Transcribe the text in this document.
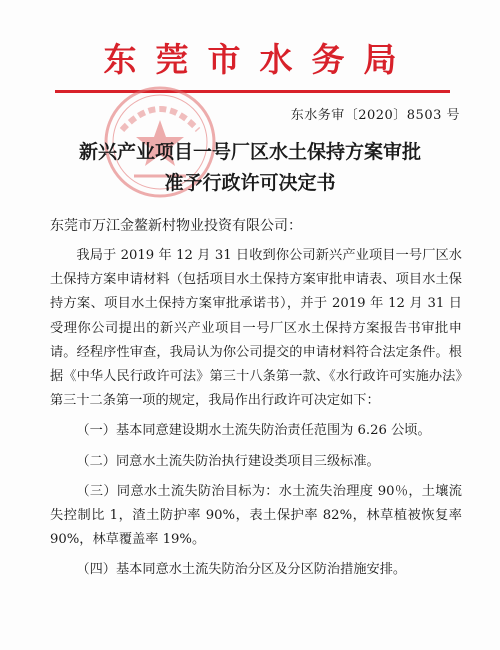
东莞市水务局
东水务审〔2020〕8503 号
新兴产业项目一号厂区水土保持方案审批
准予行政许可决定书
东莞市万江金鳌新村物业投资有限公司：

我局于 2019 年 12 月 31 日收到你公司新兴产业项目一号厂区水土保持方案申请材料（包括项目水土保持方案审批申请表、项目水土保持方案、项目水土保持方案审批承诺书），并于 2019 年 12 月 31 日受理你公司提出的新兴产业项目一号厂区水土保持方案报告书审批申请。经程序性审查，我局认为你公司提交的申请材料符合法定条件。根据《中华人民行政许可法》第三十八条第一款、《水行政许可实施办法》第三十二条第一项的规定，我局作出行政许可决定如下：

（一）基本同意建设期水土流失防治责任范围为 6.26 公顷。

（二）同意水土流失防治执行建设类项目三级标准。

（三）同意水土流失防治目标为：水土流失治理度 90％，土壤流失控制比 1，渣土防护率 90%，表土保护率 82%，林草植被恢复率 90%，林草覆盖率 19%。

（四）基本同意水土流失防治分区及分区防治措施安排。
